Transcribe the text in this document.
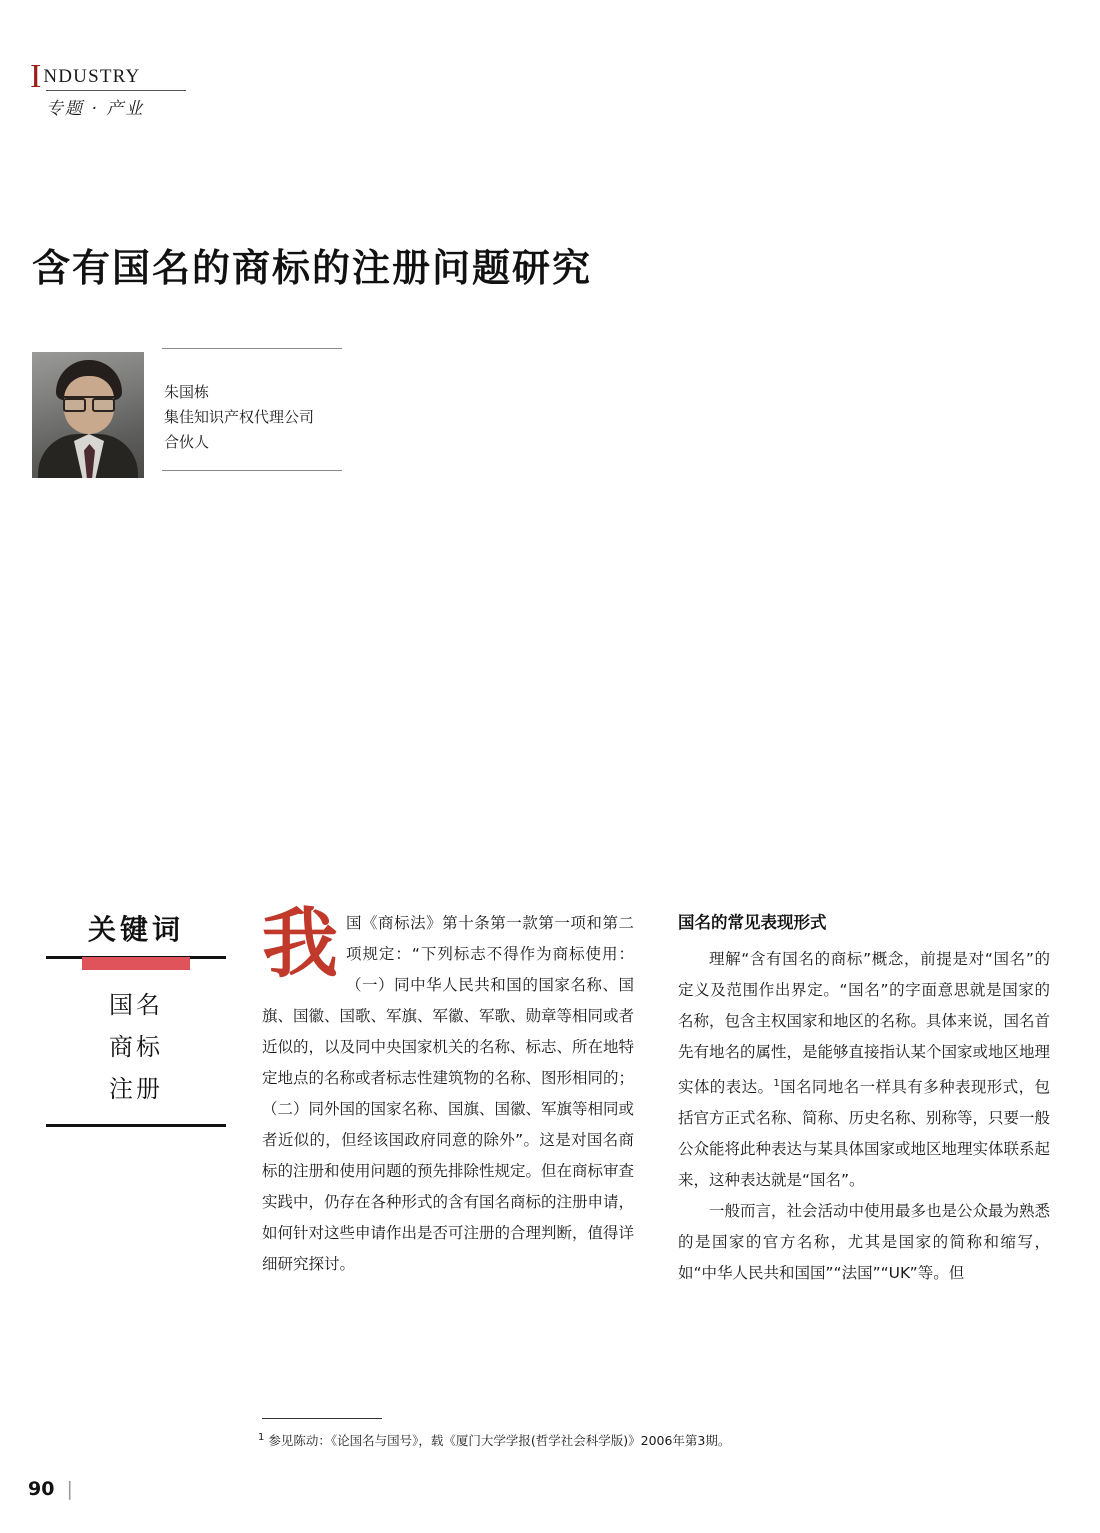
I NDUSTRY
专题 · 产业
含有国名的商标的注册问题研究
朱国栋
集佳知识产权代理公司
合伙人
关键词
国名
商标
注册
我 国《商标法》第十条第一款第一项和第二项规定：“下列标志不得作为商标使用：（一）同中华人民共和国的国家名称、国旗、国徽、国歌、军旗、军徽、军歌、勋章等相同或者近似的，以及同中央国家机关的名称、标志、所在地特定地点的名称或者标志性建筑物的名称、图形相同的；（二）同外国的国家名称、国旗、国徽、军旗等相同或者近似的，但经该国政府同意的除外”。这是对国名商标的注册和使用问题的预先排除性规定。但在商标审查实践中，仍存在各种形式的含有国名商标的注册申请，如何针对这些申请作出是否可注册的合理判断，值得详细研究探讨。

国名的常见表现形式

理解“含有国名的商标”概念，前提是对“国名”的定义及范围作出界定。“国名”的字面意思就是国家的名称，包含主权国家和地区的名称。具体来说，国名首先有地名的属性，是能够直接指认某个国家或地区地理实体的表达。$^1$国名同地名一样具有多种表现形式，包括官方正式名称、简称、历史名称、别称等，只要一般公众能将此种表达与某具体国家或地区地理实体联系起来，这种表达就是“国名”。

一般而言，社会活动中使用最多也是公众最为熟悉的是国家的官方名称，尤其是国家的简称和缩写，如“中华人民共和国国”“法国”“UK”等。但

$^1$ 参见陈动：《论国名与国号》，载《厦门大学学报(哲学社会科学版)》2006年第3期。
90 |
